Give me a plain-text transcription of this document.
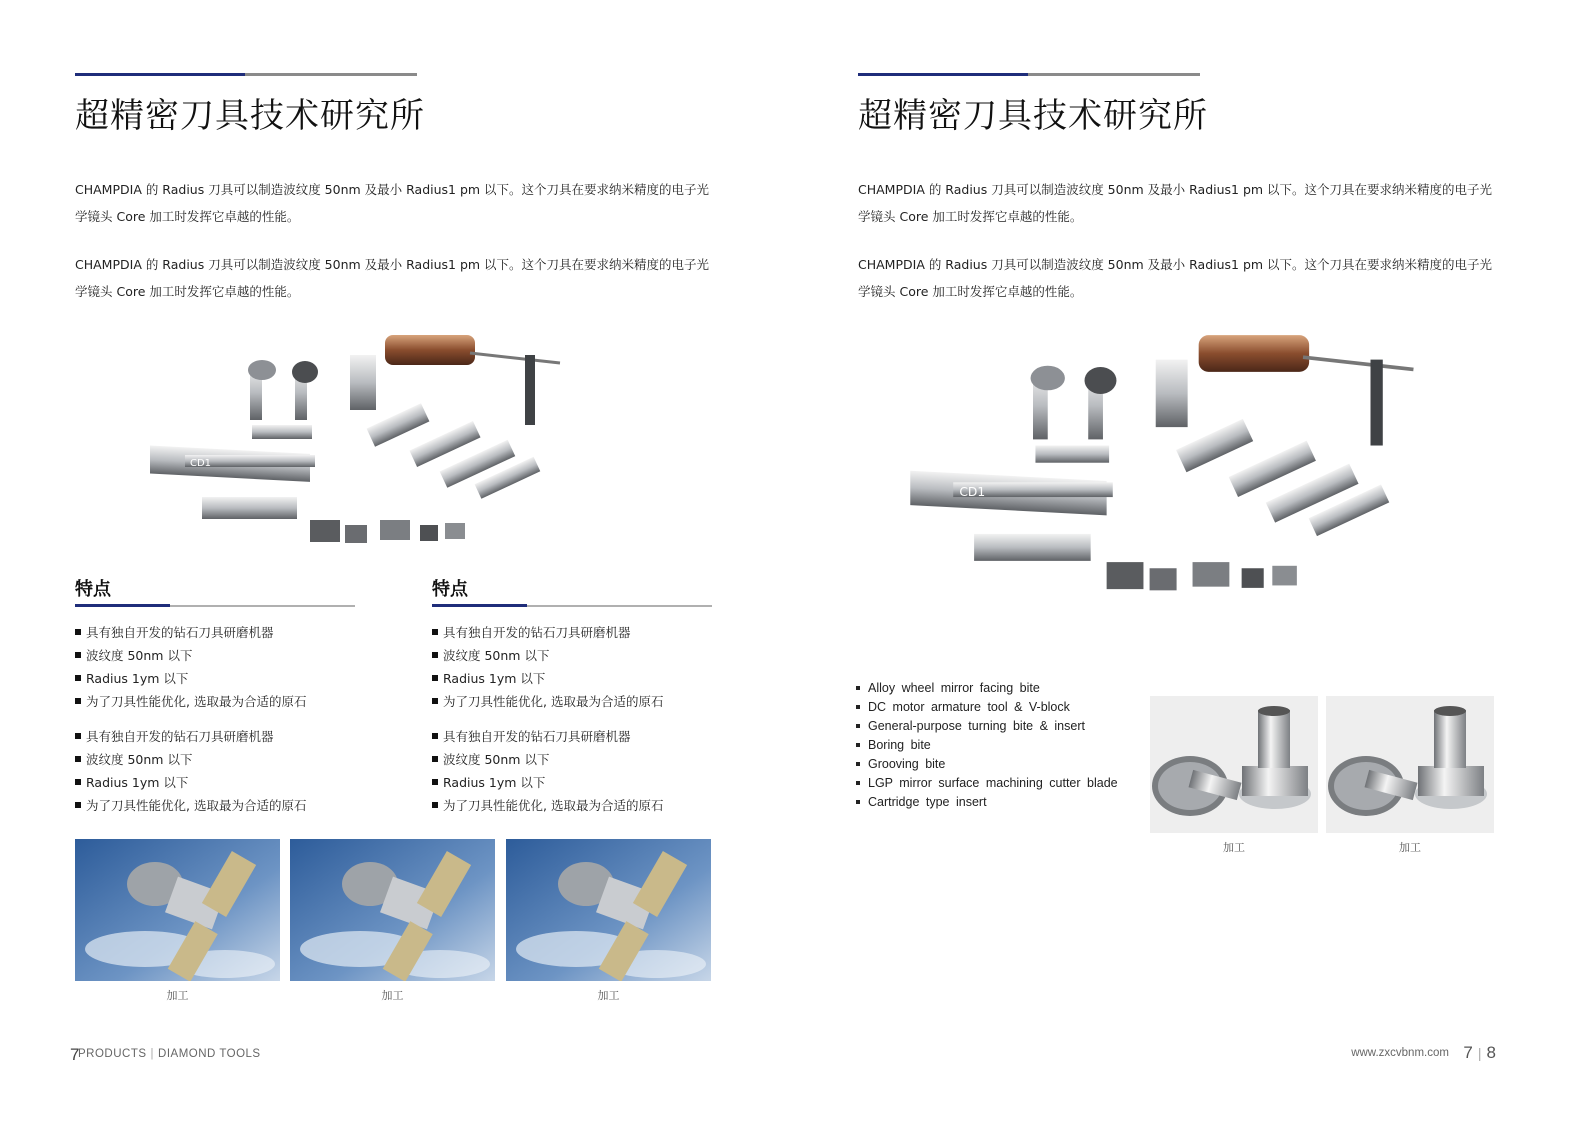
超精密刀具技术研究所

CHAMPDIA 的 Radius 刀具可以制造波纹度 50nm 及最小 Radius1 pm 以下。这个刀具在要求纳米精度的电子光学镜头 Core 加工时发挥它卓越的性能。

CHAMPDIA 的 Radius 刀具可以制造波纹度 50nm 及最小 Radius1 pm 以下。这个刀具在要求纳米精度的电子光学镜头 Core 加工时发挥它卓越的性能。

CD1
特点
具有独自开发的钻石刀具研磨机器
波纹度 50nm 以下
Radius 1ym 以下
为了刀具性能优化, 选取最为合适的原石
具有独自开发的钻石刀具研磨机器
波纹度 50nm 以下
Radius 1ym 以下
为了刀具性能优化, 选取最为合适的原石
特点
具有独自开发的钻石刀具研磨机器
波纹度 50nm 以下
Radius 1ym 以下
为了刀具性能优化, 选取最为合适的原石
具有独自开发的钻石刀具研磨机器
波纹度 50nm 以下
Radius 1ym 以下
为了刀具性能优化, 选取最为合适的原石
加工	加工	加工
7
PRODUCTS | DIAMOND TOOLS
超精密刀具技术研究所

CHAMPDIA 的 Radius 刀具可以制造波纹度 50nm 及最小 Radius1 pm 以下。这个刀具在要求纳米精度的电子光学镜头 Core 加工时发挥它卓越的性能。

CHAMPDIA 的 Radius 刀具可以制造波纹度 50nm 及最小 Radius1 pm 以下。这个刀具在要求纳米精度的电子光学镜头 Core 加工时发挥它卓越的性能。

CD1
Alloy wheel mirror facing bite
DC motor armature tool & V-block
General-purpose turning bite & insert
Boring bite
Grooving bite
LGP mirror surface machining cutter blade
Cartridge type insert
加工	加工
www.zxcvbnm.com 7 | 8
